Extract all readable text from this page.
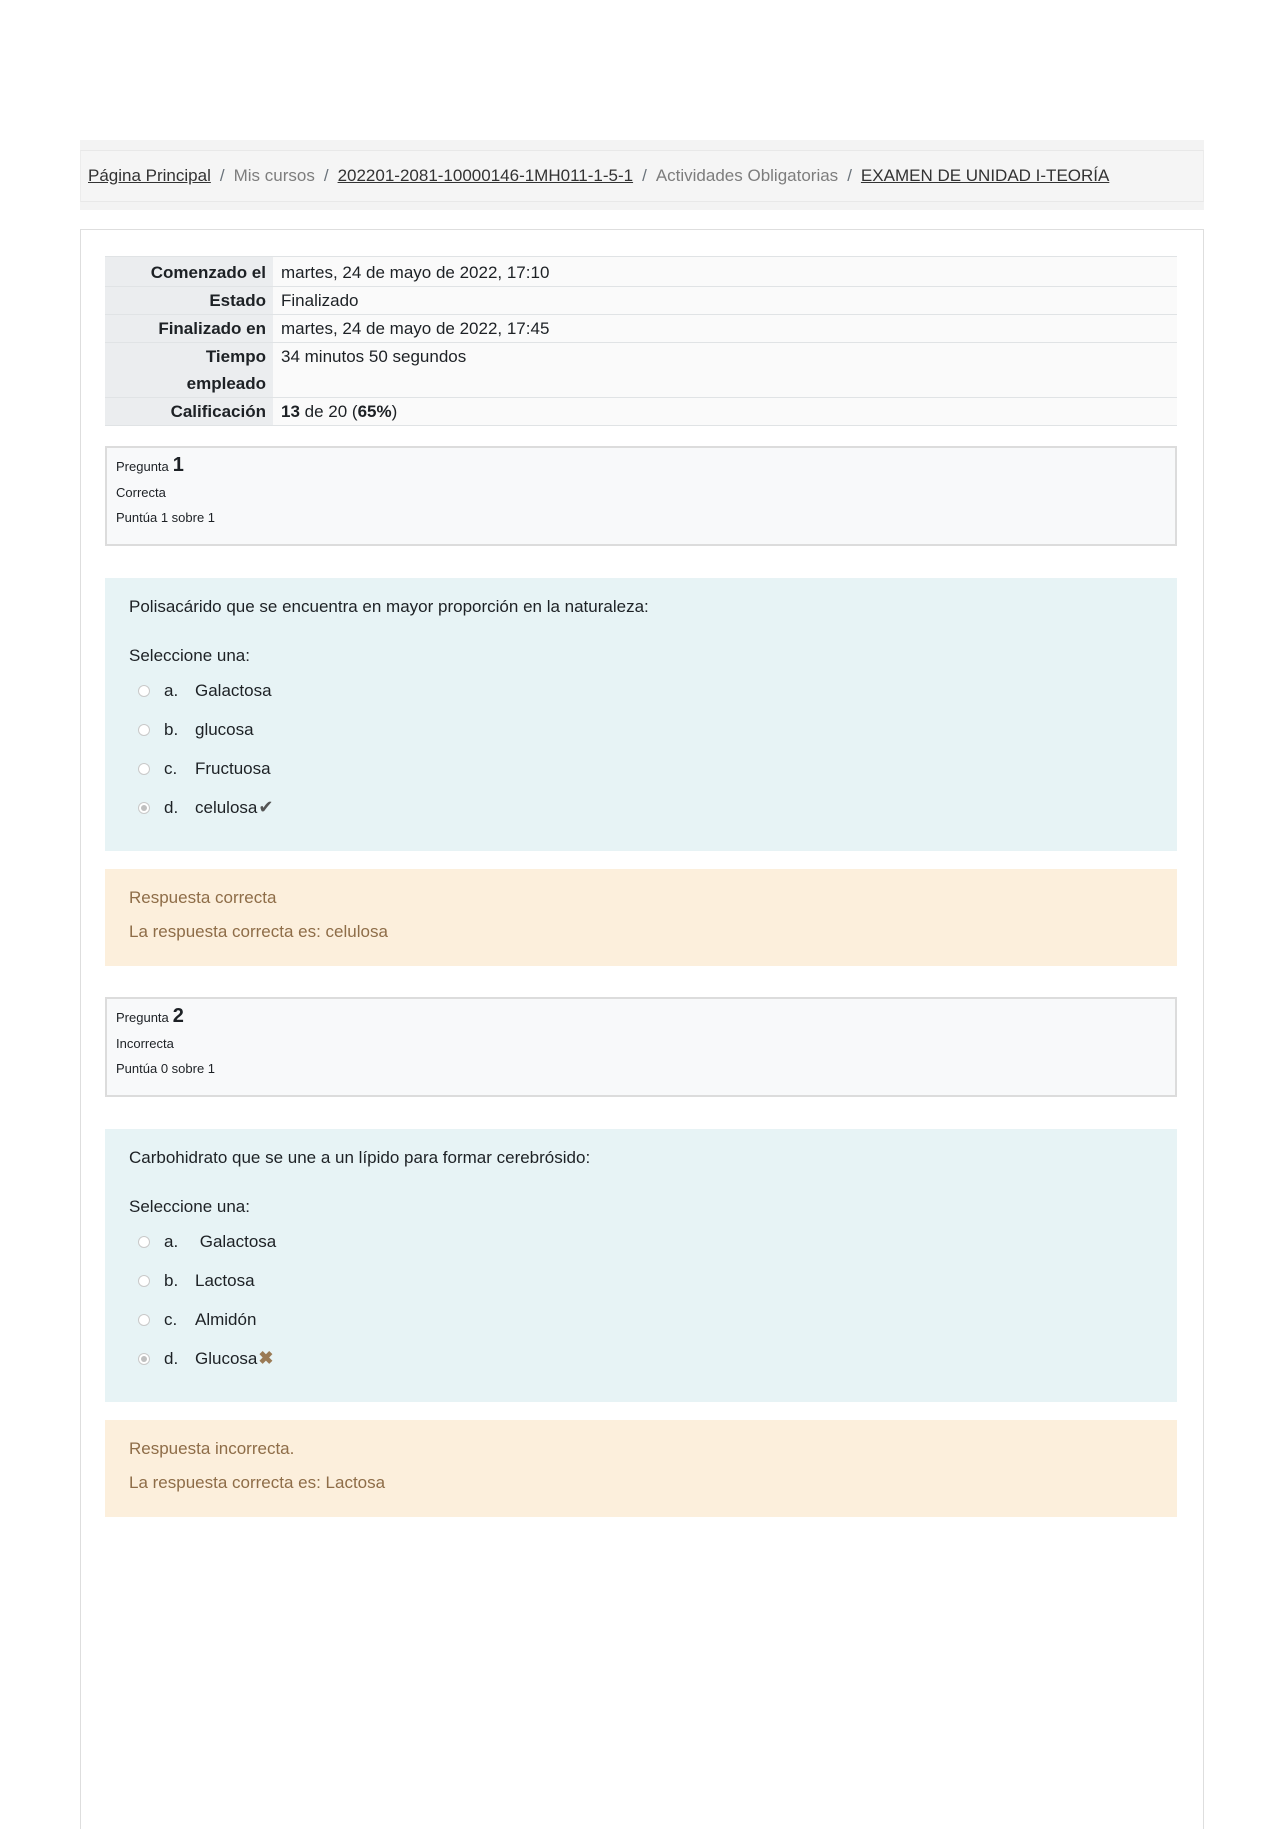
Página Principal / Mis cursos / 202201-2081-10000146-1MH011-1-5-1 / Actividades Obligatorias / EXAMEN DE UNIDAD I-TEORÍA
Comenzado el	martes, 24 de mayo de 2022, 17:10
Estado	Finalizado
Finalizado en	martes, 24 de mayo de 2022, 17:45
Tiempo
empleado	34 minutos 50 segundos
Calificación	13 de 20 (65%)
Pregunta 1
Correcta
Puntúa 1 sobre 1
Polisacárido que se encuentra en mayor proporción en la naturaleza:
Seleccione una:
a. Galactosa
b. glucosa
c.	Fructuosa
d. celulosa ✔
Respuesta correcta
La respuesta correcta es: celulosa
Pregunta 2
Incorrecta
Puntúa 0 sobre 1
Carbohidrato que se une a un lípido para formar cerebrósido:
Seleccione una:
a. Galactosa
b. Lactosa
c.	Almidón
d. Glucosa ✖
Respuesta incorrecta.
La respuesta correcta es: Lactosa
